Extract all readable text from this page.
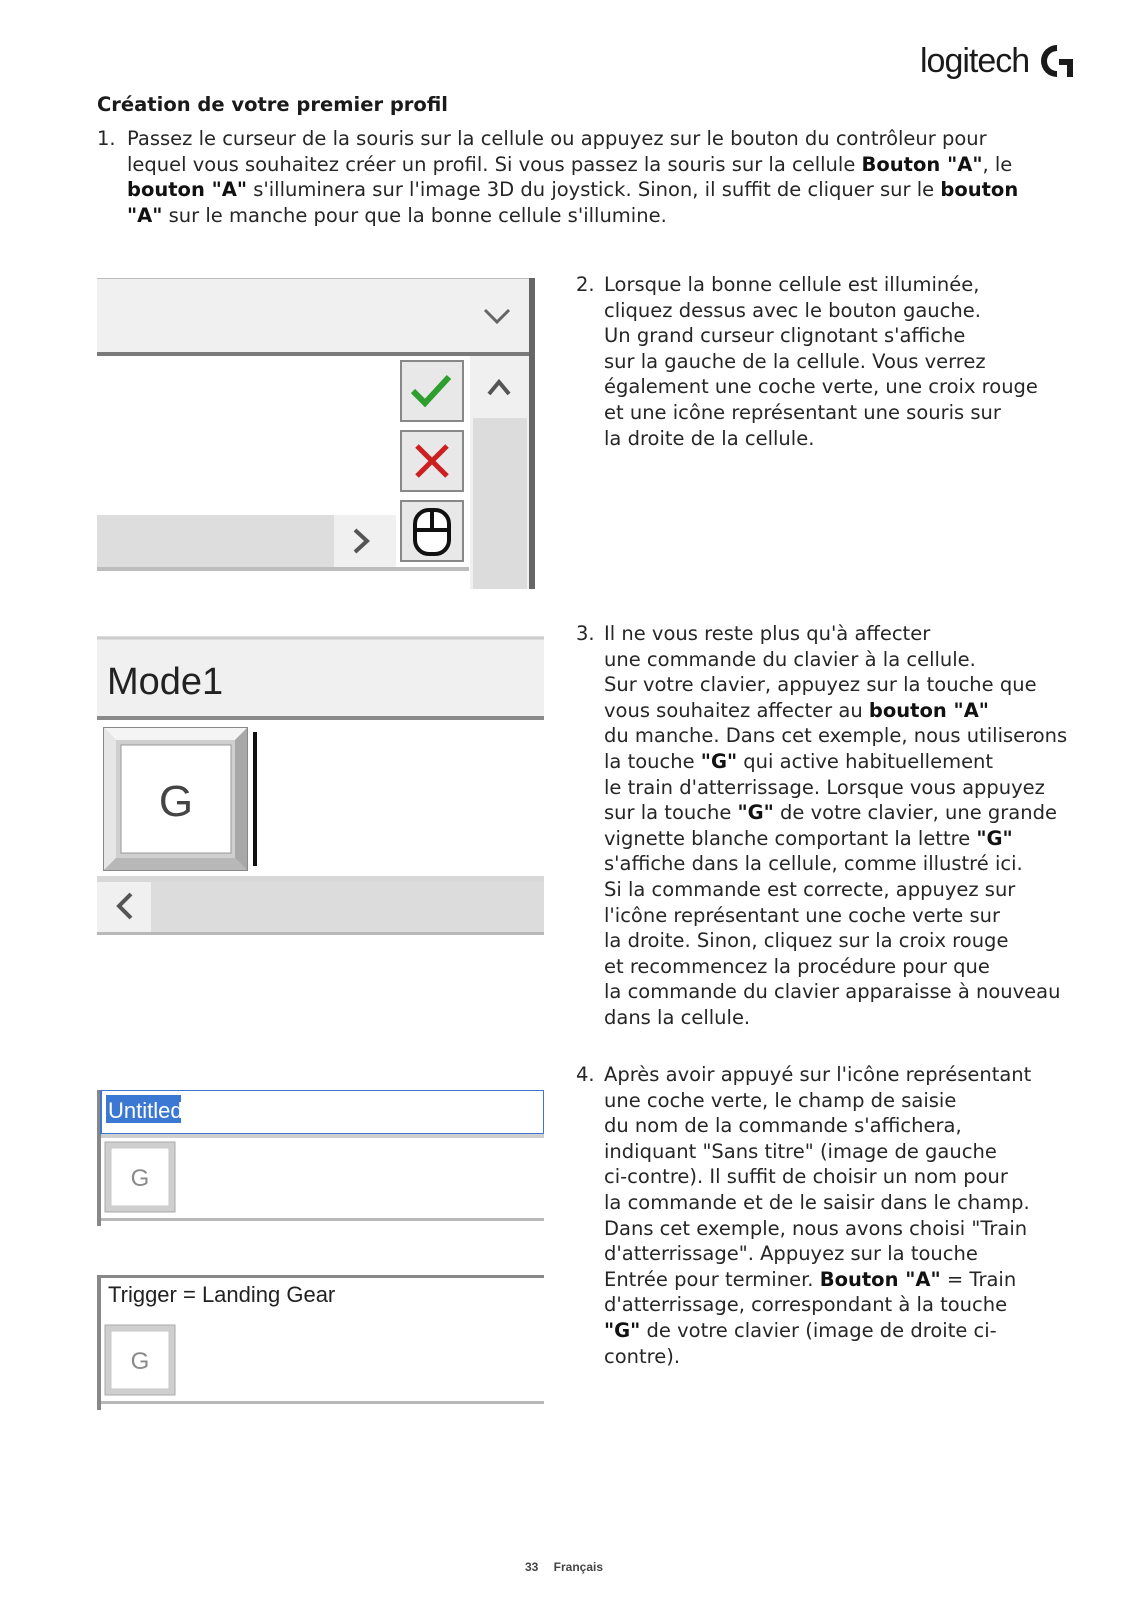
logitech
Création de votre premier profil
1. Passez le curseur de la souris sur la cellule ou appuyez sur le bouton du contrôleur pour lequel vous souhaitez créer un profil. Si vous passez la souris sur la cellule Bouton "A", le bouton "A" s'illuminera sur l'image 3D du joystick. Sinon, il suffit de cliquer sur le bouton "A" sur le manche pour que la bonne cellule s'illumine.
2. Lorsque la bonne cellule est illuminée,
cliquez dessus avec le bouton gauche.
Un grand curseur clignotant s'affiche
sur la gauche de la cellule. Vous verrez
également une coche verte, une croix rouge
et une icône représentant une souris sur
la droite de la cellule.
Mode1
G
3. Il ne vous reste plus qu'à affecter
une commande du clavier à la cellule.
Sur votre clavier, appuyez sur la touche que
vous souhaitez affecter au bouton "A"
du manche. Dans cet exemple, nous utiliserons
la touche "G" qui active habituellement
le train d'atterrissage. Lorsque vous appuyez
sur la touche "G" de votre clavier, une grande
vignette blanche comportant la lettre "G"
s'affiche dans la cellule, comme illustré ici.
Si la commande est correcte, appuyez sur
l'icône représentant une coche verte sur
la droite. Sinon, cliquez sur la croix rouge
et recommencez la procédure pour que
la commande du clavier apparaisse à nouveau
dans la cellule.
Untitled
G
Trigger = Landing Gear
G
4. Après avoir appuyé sur l'icône représentant
une coche verte, le champ de saisie
du nom de la commande s'affichera,
indiquant "Sans titre" (image de gauche
ci-contre). Il suffit de choisir un nom pour
la commande et de le saisir dans le champ.
Dans cet exemple, nous avons choisi "Train
d'atterrissage". Appuyez sur la touche
Entrée pour terminer. Bouton "A" = Train
d'atterrissage, correspondant à la touche
"G" de votre clavier (image de droite ci-
contre).
33 Français
